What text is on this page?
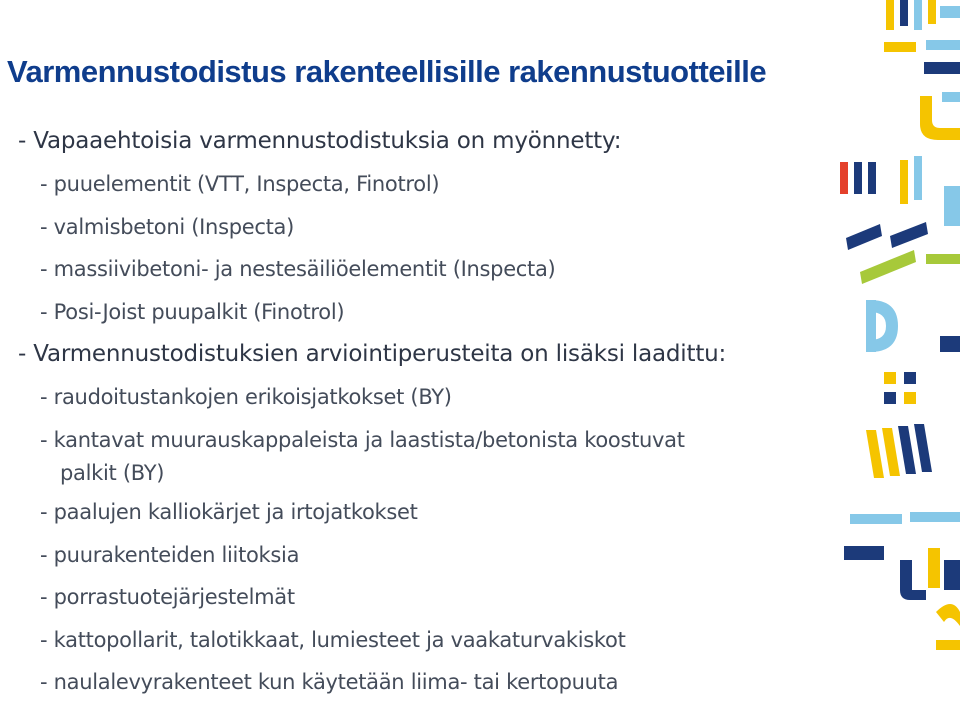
Varmennustodistus rakenteellisille rakennustuotteille

- Vapaaehtoisia varmennustodistuksia on myönnetty:

- puuelementit (VTT, Inspecta, Finotrol)
- valmisbetoni (Inspecta)
- massiivibetoni- ja nestesäiliöelementit (Inspecta)
- Posi-Joist puupalkit (Finotrol)

- Varmennustodistuksien arviointiperusteita on lisäksi laadittu:

- raudoitustankojen erikoisjatkokset (BY)
- kantavat muurauskappaleista ja laastista/betonista koostuvat
palkit (BY)
- paalujen kalliokärjet ja irtojatkokset
- puurakenteiden liitoksia
- porrastuotejärjestelmät
- kattopollarit, talotikkaat, lumiesteet ja vaakaturvakiskot
- naulalevyrakenteet kun käytetään liima- tai kertopuuta
